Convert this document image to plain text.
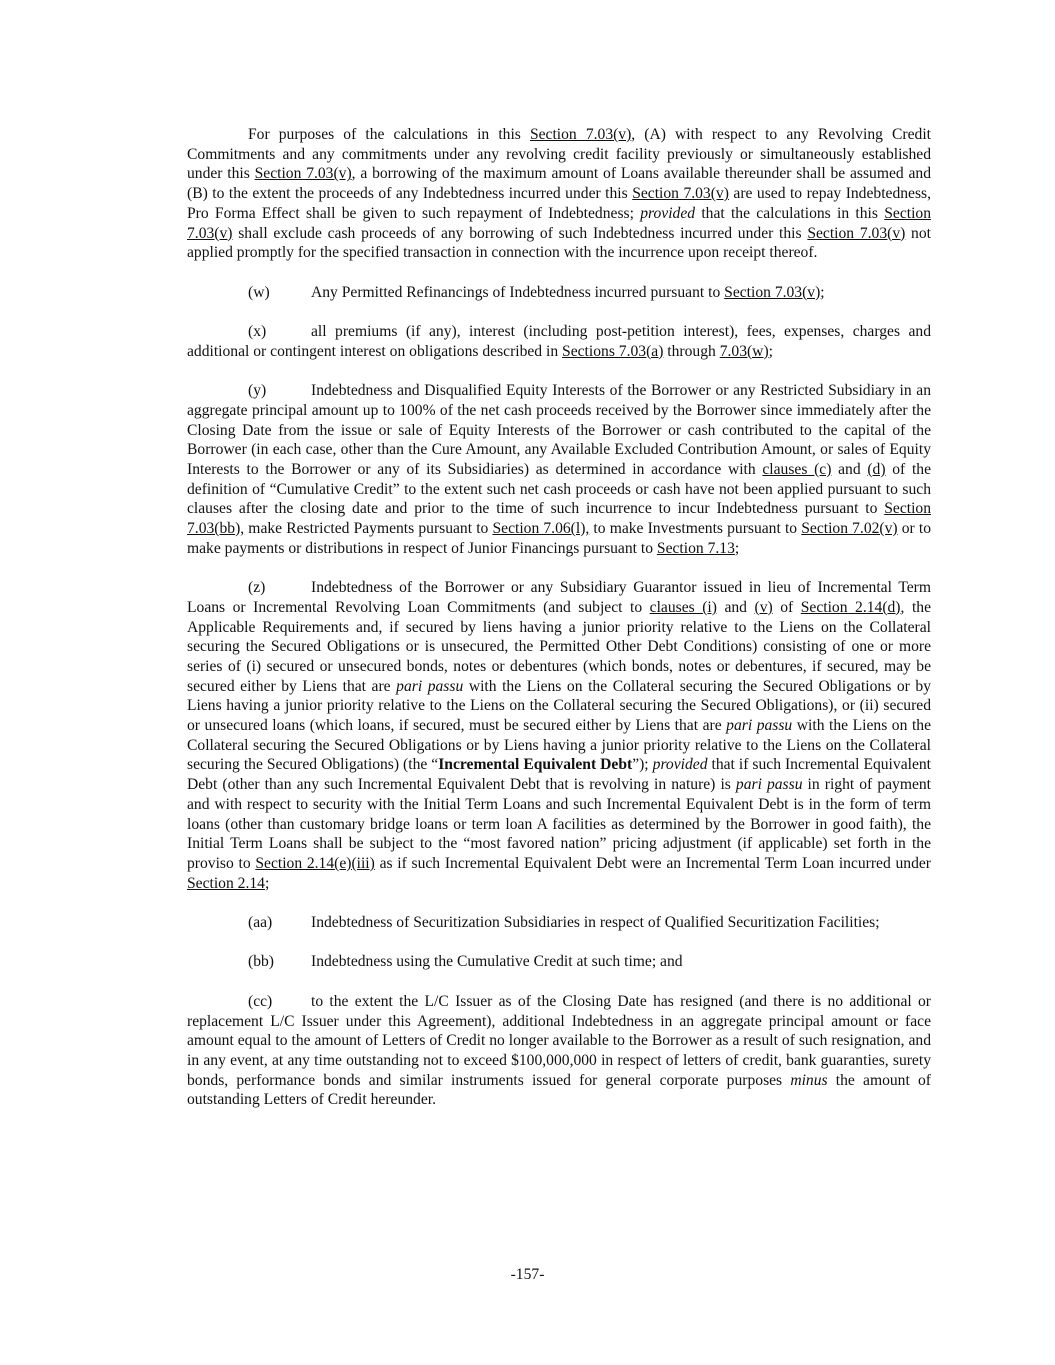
For purposes of the calculations in this Section 7.03(v), (A) with respect to any Revolving Credit Commitments and any commitments under any revolving credit facility previously or simultaneously established under this Section 7.03(v), a borrowing of the maximum amount of Loans available thereunder shall be assumed and (B) to the extent the proceeds of any Indebtedness incurred under this Section 7.03(v) are used to repay Indebtedness, Pro Forma Effect shall be given to such repayment of Indebtedness; provided that the calculations in this Section 7.03(v) shall exclude cash proceeds of any borrowing of such Indebtedness incurred under this Section 7.03(v) not applied promptly for the specified transaction in connection with the incurrence upon receipt thereof.

(w)	Any Permitted Refinancings of Indebtedness incurred pursuant to Section 7.03(v);

(x)	all premiums (if any), interest (including post-petition interest), fees, expenses, charges and additional or contingent interest on obligations described in Sections 7.03(a) through 7.03(w);

(y)	Indebtedness and Disqualified Equity Interests of the Borrower or any Restricted Subsidiary in an aggregate principal amount up to 100% of the net cash proceeds received by the Borrower since immediately after the Closing Date from the issue or sale of Equity Interests of the Borrower or cash contributed to the capital of the Borrower (in each case, other than the Cure Amount, any Available Excluded Contribution Amount, or sales of Equity Interests to the Borrower or any of its Subsidiaries) as determined in accordance with clauses (c) and (d) of the definition of “Cumulative Credit” to the extent such net cash proceeds or cash have not been applied pursuant to such clauses after the closing date and prior to the time of such incurrence to incur Indebtedness pursuant to Section 7.03(bb), make Restricted Payments pursuant to Section 7.06(l), to make Investments pursuant to Section 7.02(v) or to make payments or distributions in respect of Junior Financings pursuant to Section 7.13;

(z)	Indebtedness of the Borrower or any Subsidiary Guarantor issued in lieu of Incremental Term Loans or Incremental Revolving Loan Commitments (and subject to clauses (i) and (v) of Section 2.14(d), the Applicable Requirements and, if secured by liens having a junior priority relative to the Liens on the Collateral securing the Secured Obligations or is unsecured, the Permitted Other Debt Conditions) consisting of one or more series of (i) secured or unsecured bonds, notes or debentures (which bonds, notes or debentures, if secured, may be secured either by Liens that are pari passu with the Liens on the Collateral securing the Secured Obligations or by Liens having a junior priority relative to the Liens on the Collateral securing the Secured Obligations), or (ii) secured or unsecured loans (which loans, if secured, must be secured either by Liens that are pari passu with the Liens on the Collateral securing the Secured Obligations or by Liens having a junior priority relative to the Liens on the Collateral securing the Secured Obligations) (the “Incremental Equivalent Debt”); provided that if such Incremental Equivalent Debt (other than any such Incremental Equivalent Debt that is revolving in nature) is pari passu in right of payment and with respect to security with the Initial Term Loans and such Incremental Equivalent Debt is in the form of term loans (other than customary bridge loans or term loan A facilities as determined by the Borrower in good faith), the Initial Term Loans shall be subject to the “most favored nation” pricing adjustment (if applicable) set forth in the proviso to Section 2.14(e)(iii) as if such Incremental Equivalent Debt were an Incremental Term Loan incurred under Section 2.14;

(aa) Indebtedness of Securitization Subsidiaries in respect of Qualified Securitization Facilities;

(bb) Indebtedness using the Cumulative Credit at such time; and

(cc) to the extent the L/C Issuer as of the Closing Date has resigned (and there is no additional or replacement L/C Issuer under this Agreement), additional Indebtedness in an aggregate principal amount or face amount equal to the amount of Letters of Credit no longer available to the Borrower as a result of such resignation, and in any event, at any time outstanding not to exceed $100,000,000 in respect of letters of credit, bank guaranties, surety bonds, performance bonds and similar instruments issued for general corporate purposes minus the amount of outstanding Letters of Credit hereunder.

-157-
